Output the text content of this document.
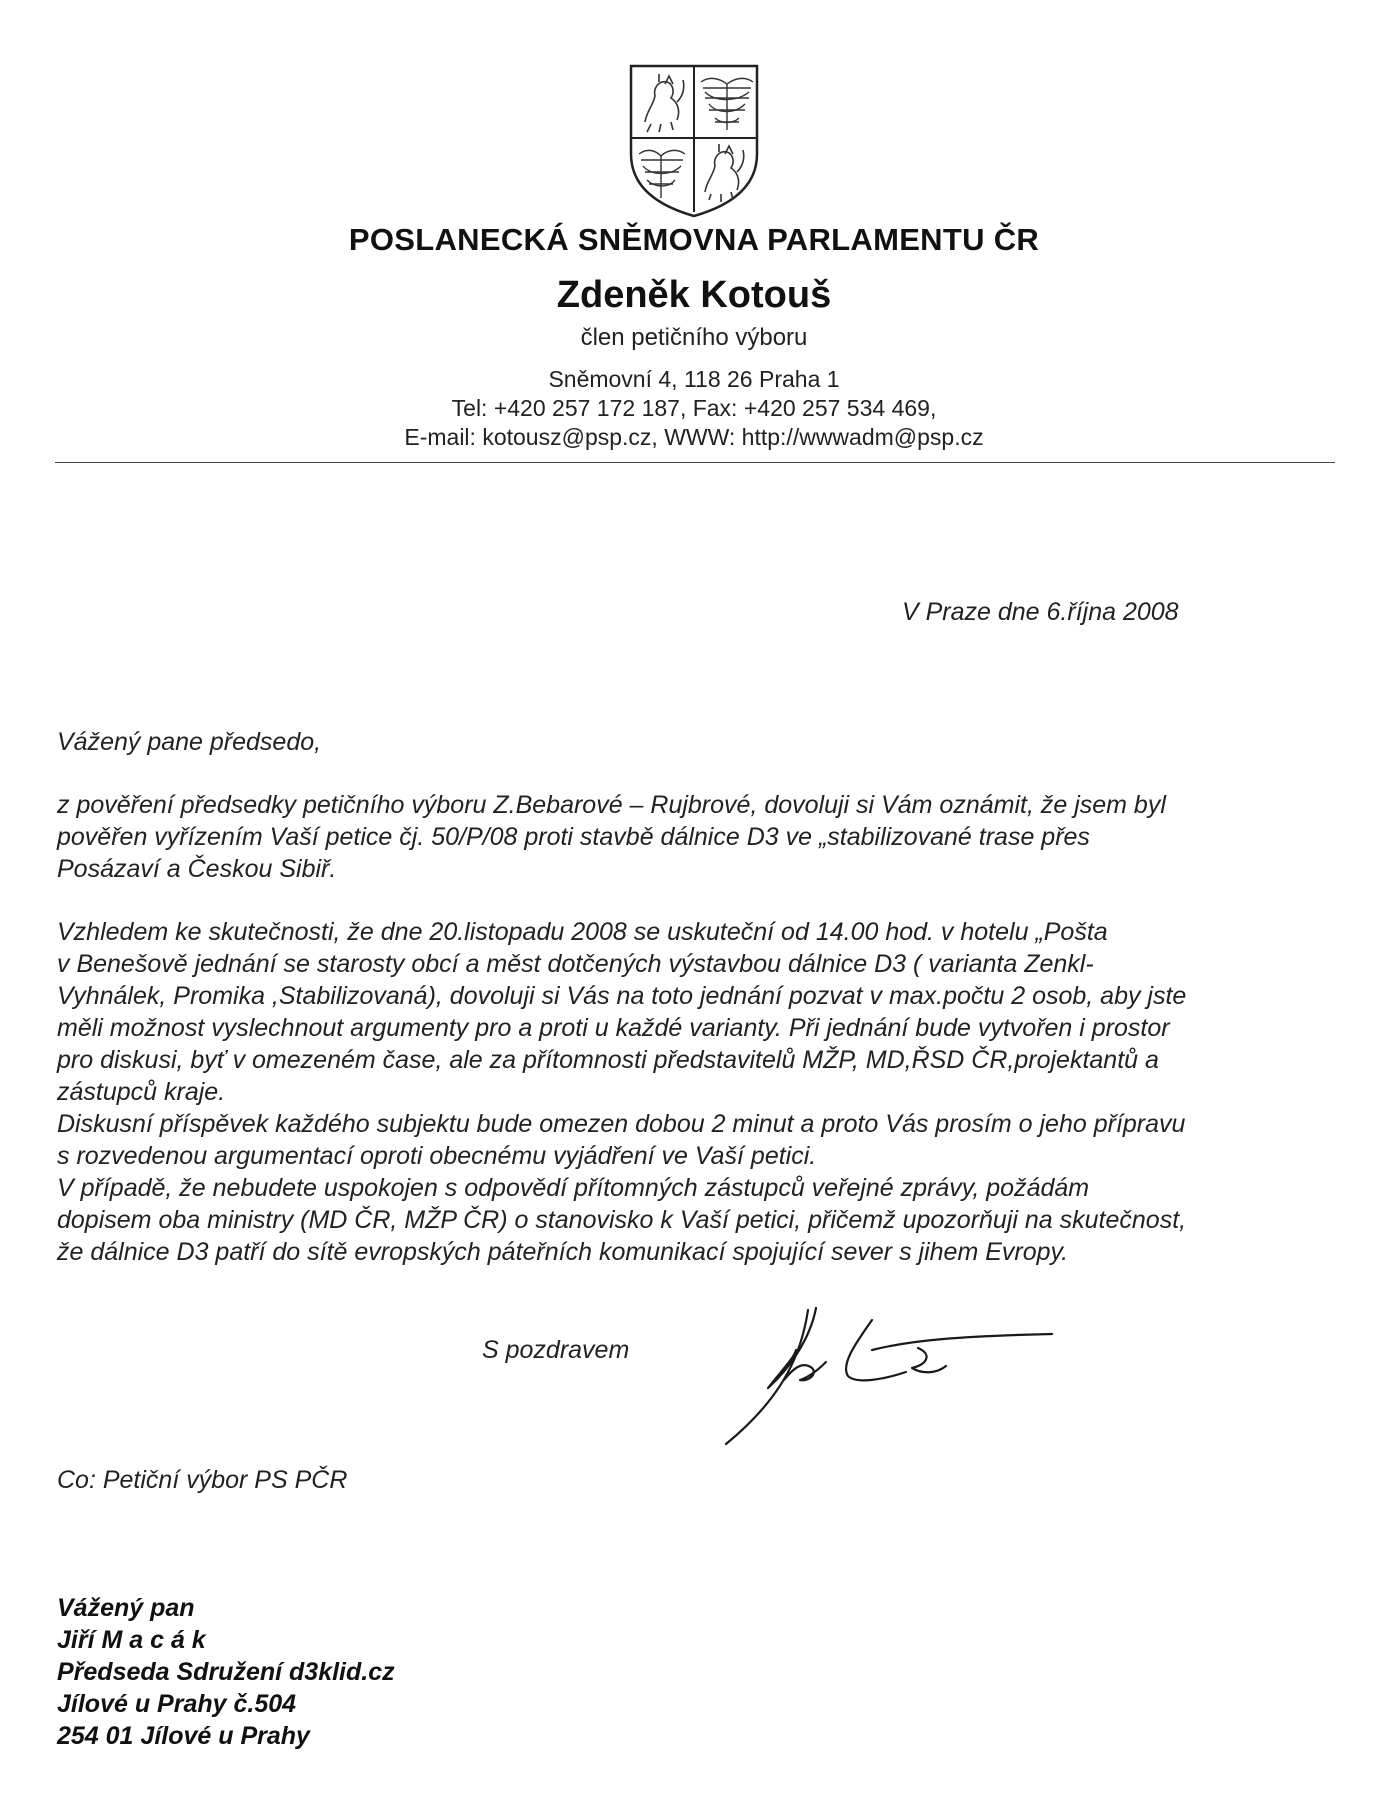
POSLANECKÁ SNĚMOVNA PARLAMENTU ČR
Zdeněk Kotouš
člen petičního výboru
Sněmovní 4, 118 26 Praha 1
Tel: +420 257 172 187, Fax: +420 257 534 469,
E-mail: kotousz@psp.cz, WWW: http://wwwadm@psp.cz
V Praze dne 6.října 2008
Vážený pane předsedo,
z pověření předsedky petičního výboru Z.Bebarové – Rujbrové, dovoluji si Vám oznámit, že jsem byl
pověřen vyřízením Vaší petice čj. 50/P/08 proti stavbě dálnice D3 ve „stabilizované trase přes
Posázaví a Českou Sibiř.
Vzhledem ke skutečnosti, že dne 20.listopadu 2008 se uskuteční od 14.00 hod. v hotelu „Pošta
v Benešově jednání se starosty obcí a měst dotčených výstavbou dálnice D3 ( varianta Zenkl-
Vyhnálek, Promika ,Stabilizovaná), dovoluji si Vás na toto jednání pozvat v max.počtu 2 osob, aby jste
měli možnost vyslechnout argumenty pro a proti u každé varianty. Při jednání bude vytvořen i prostor
pro diskusi, byť v omezeném čase, ale za přítomnosti představitelů MŽP, MD,ŘSD ČR,projektantů a
zástupců kraje.
Diskusní příspěvek každého subjektu bude omezen dobou 2 minut a proto Vás prosím o jeho přípravu
s rozvedenou argumentací oproti obecnému vyjádření ve Vaší petici.
V případě, že nebudete uspokojen s odpovědí přítomných zástupců veřejné zprávy, požádám
dopisem oba ministry (MD ČR, MŽP ČR) o stanovisko k Vaší petici, přičemž upozorňuji na skutečnost,
že dálnice D3 patří do sítě evropských páteřních komunikací spojující sever s jihem Evropy.
S pozdravem
Co: Petiční výbor PS PČR
Vážený pan
Jiří M a c á k
Předseda Sdružení d3klid.cz
Jílové u Prahy č.504
254 01 Jílové u Prahy
